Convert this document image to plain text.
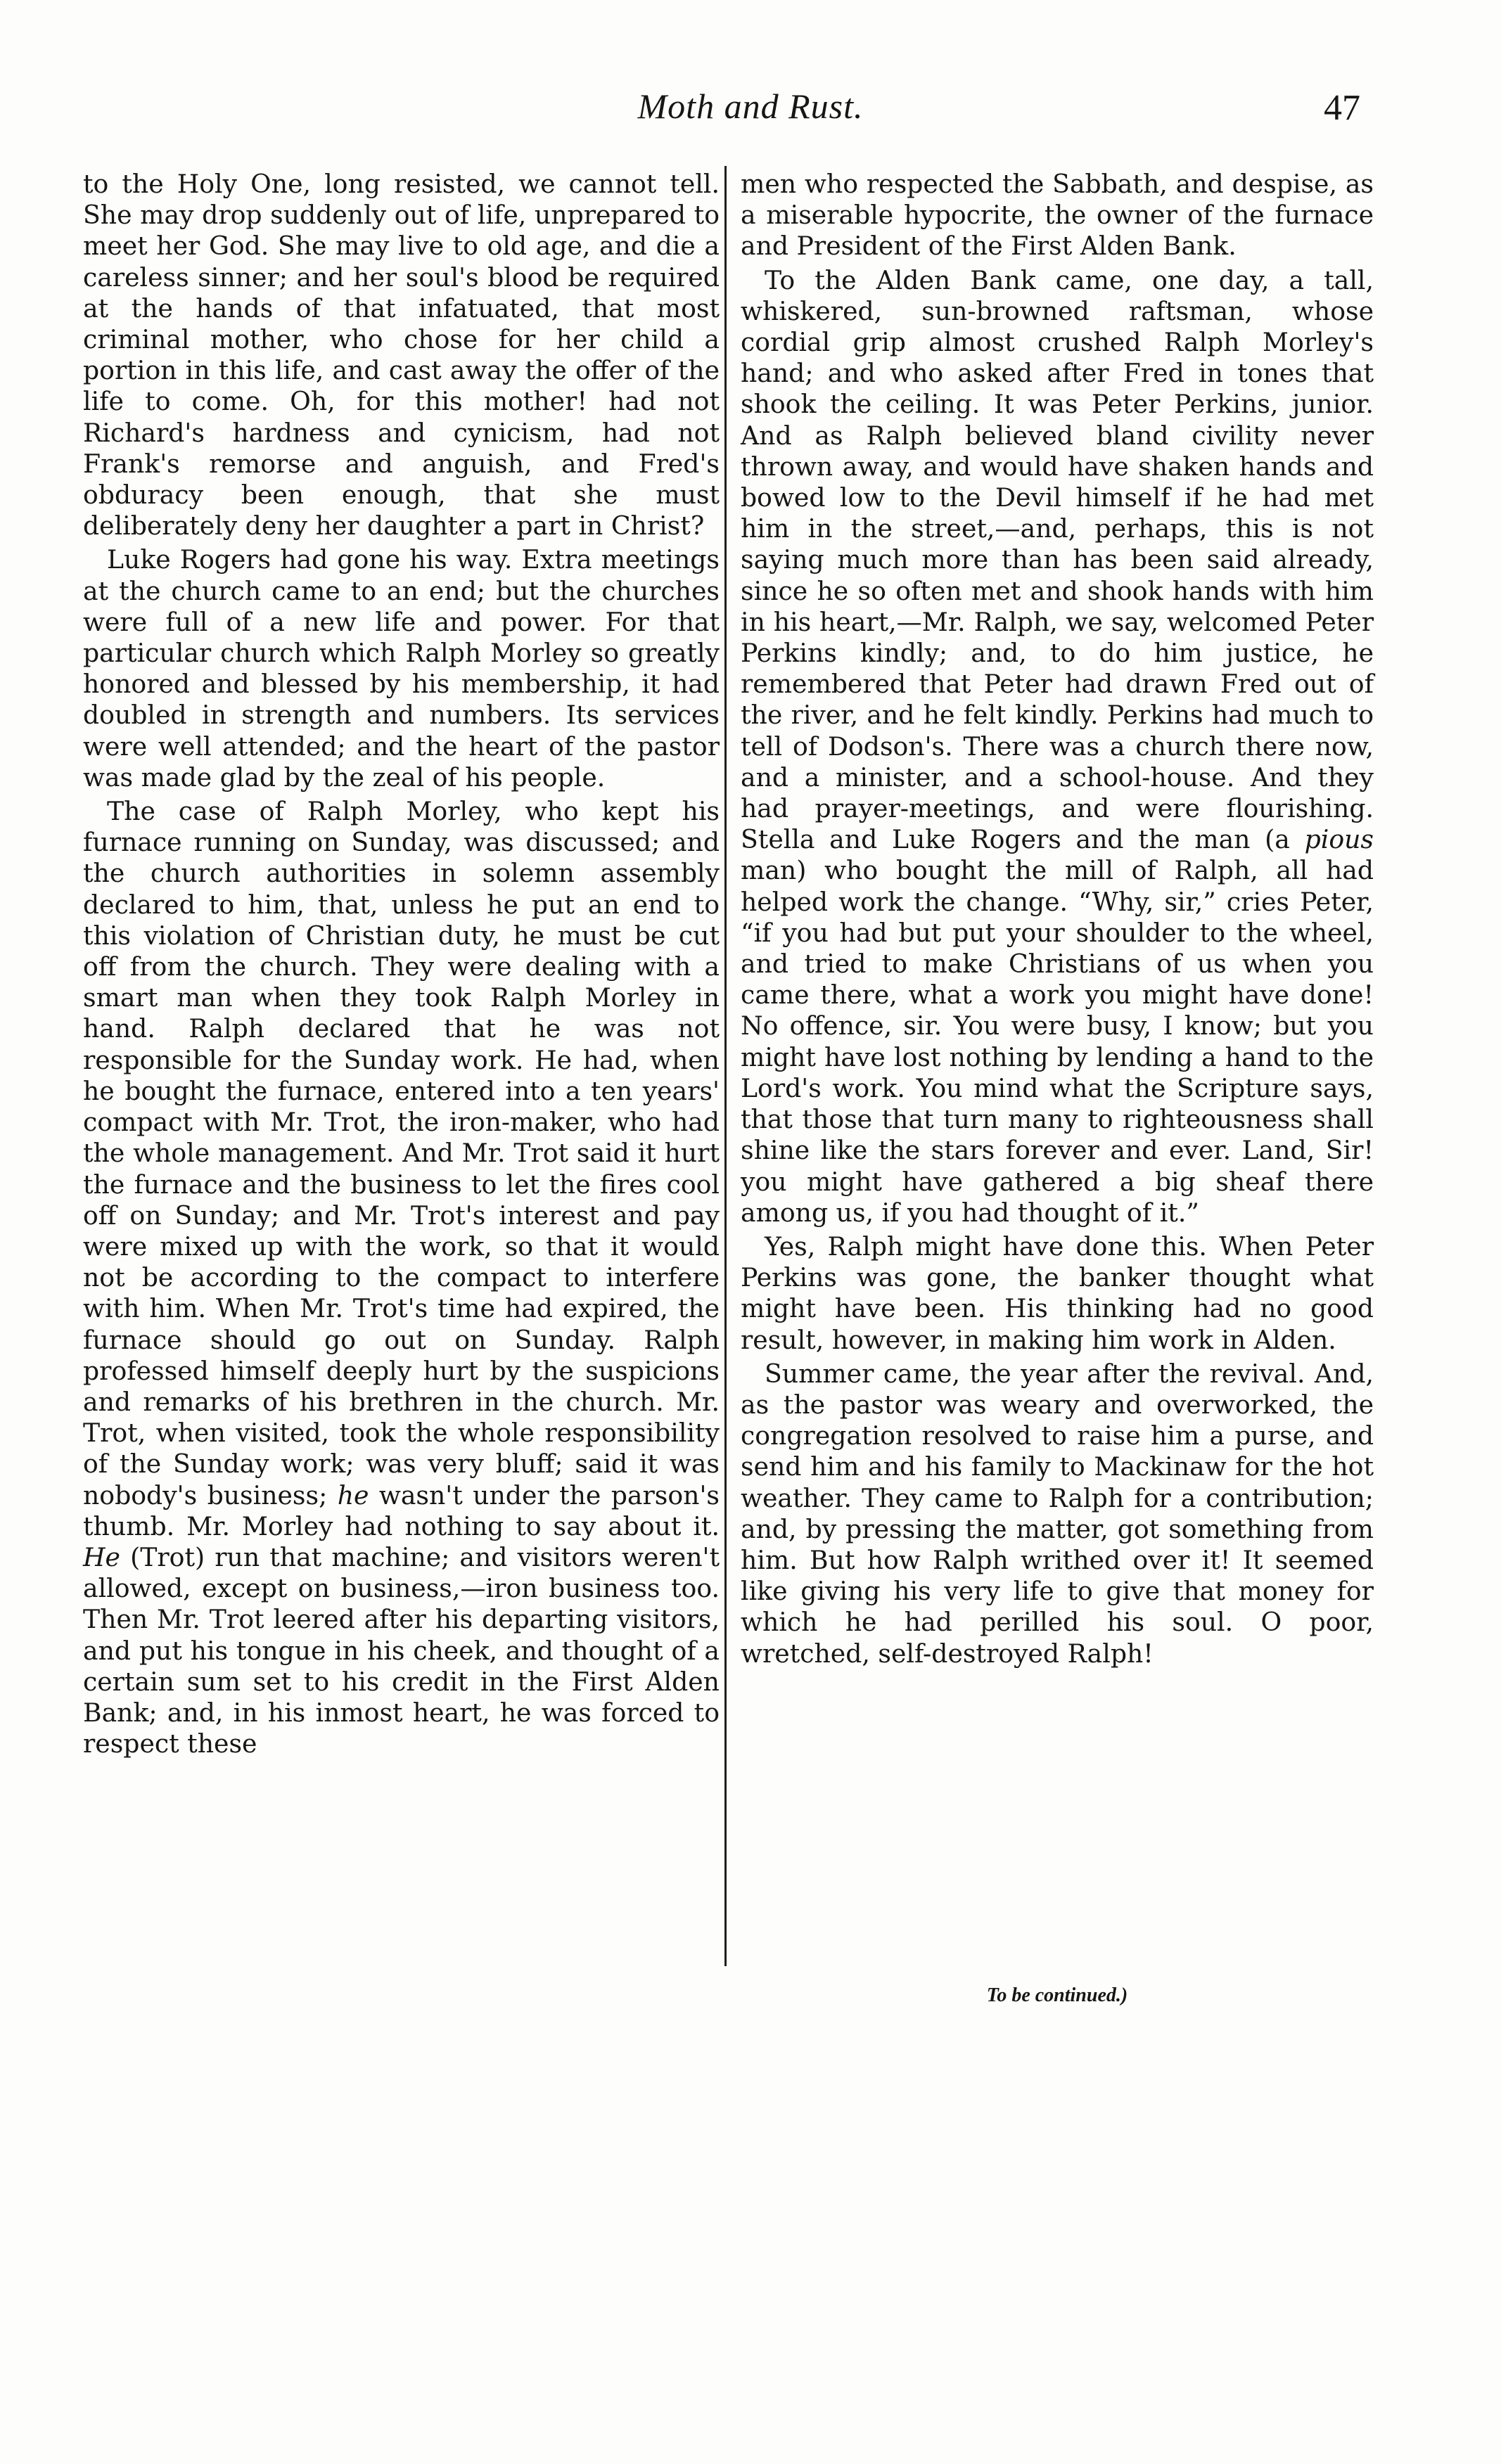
Moth and Rust.	47

to the Holy One, long resisted, we cannot tell. She may drop suddenly out of life, unprepared to meet her God. She may live to old age, and die a careless sinner; and her soul's blood be required at the hands of that infatuated, that most criminal mother, who chose for her child a portion in this life, and cast away the offer of the life to come. Oh, for this mother! had not Richard's hardness and cynicism, had not Frank's remorse and anguish, and Fred's obduracy been enough, that she must deliberately deny her daughter a part in Christ?

Luke Rogers had gone his way. Extra meetings at the church came to an end; but the churches were full of a new life and power. For that particular church which Ralph Morley so greatly honored and blessed by his membership, it had doubled in strength and numbers. Its services were well attended; and the heart of the pastor was made glad by the zeal of his people.

The case of Ralph Morley, who kept his furnace running on Sunday, was discussed; and the church authorities in solemn assembly declared to him, that, unless he put an end to this violation of Christian duty, he must be cut off from the church. They were dealing with a smart man when they took Ralph Morley in hand. Ralph declared that he was not responsible for the Sunday work. He had, when he bought the furnace, entered into a ten years' compact with Mr. Trot, the iron-maker, who had the whole management. And Mr. Trot said it hurt the furnace and the business to let the fires cool off on Sunday; and Mr. Trot's interest and pay were mixed up with the work, so that it would not be according to the compact to interfere with him. When Mr. Trot's time had expired, the furnace should go out on Sunday. Ralph professed himself deeply hurt by the suspicions and remarks of his brethren in the church. Mr. Trot, when visited, took the whole responsibility of the Sunday work; was very bluff; said it was nobody's business; he wasn't under the parson's thumb. Mr. Morley had nothing to say about it. He (Trot) run that machine; and visitors weren't allowed, except on business,—iron business too. Then Mr. Trot leered after his departing visitors, and put his tongue in his cheek, and thought of a certain sum set to his credit in the First Alden Bank; and, in his inmost heart, he was forced to respect these

men who respected the Sabbath, and despise, as a miserable hypocrite, the owner of the furnace and President of the First Alden Bank.

To the Alden Bank came, one day, a tall, whiskered, sun-browned raftsman, whose cordial grip almost crushed Ralph Morley's hand; and who asked after Fred in tones that shook the ceiling. It was Peter Perkins, junior. And as Ralph believed bland civility never thrown away, and would have shaken hands and bowed low to the Devil himself if he had met him in the street,—and, perhaps, this is not saying much more than has been said already, since he so often met and shook hands with him in his heart,—Mr. Ralph, we say, welcomed Peter Perkins kindly; and, to do him justice, he remembered that Peter had drawn Fred out of the river, and he felt kindly. Perkins had much to tell of Dodson's. There was a church there now, and a minister, and a school-house. And they had prayer-meetings, and were flourishing. Stella and Luke Rogers and the man (a pious man) who bought the mill of Ralph, all had helped work the change. “Why, sir,” cries Peter, “if you had but put your shoulder to the wheel, and tried to make Christians of us when you came there, what a work you might have done! No offence, sir. You were busy, I know; but you might have lost nothing by lending a hand to the Lord's work. You mind what the Scripture says, that those that turn many to righteousness shall shine like the stars forever and ever. Land, Sir! you might have gathered a big sheaf there among us, if you had thought of it.”

Yes, Ralph might have done this. When Peter Perkins was gone, the banker thought what might have been. His thinking had no good result, however, in making him work in Alden.

Summer came, the year after the revival. And, as the pastor was weary and overworked, the congregation resolved to raise him a purse, and send him and his family to Mackinaw for the hot weather. They came to Ralph for a contribution; and, by pressing the matter, got something from him. But how Ralph writhed over it! It seemed like giving his very life to give that money for which he had perilled his soul. O poor, wretched, self-destroyed Ralph!

To be continued.)
